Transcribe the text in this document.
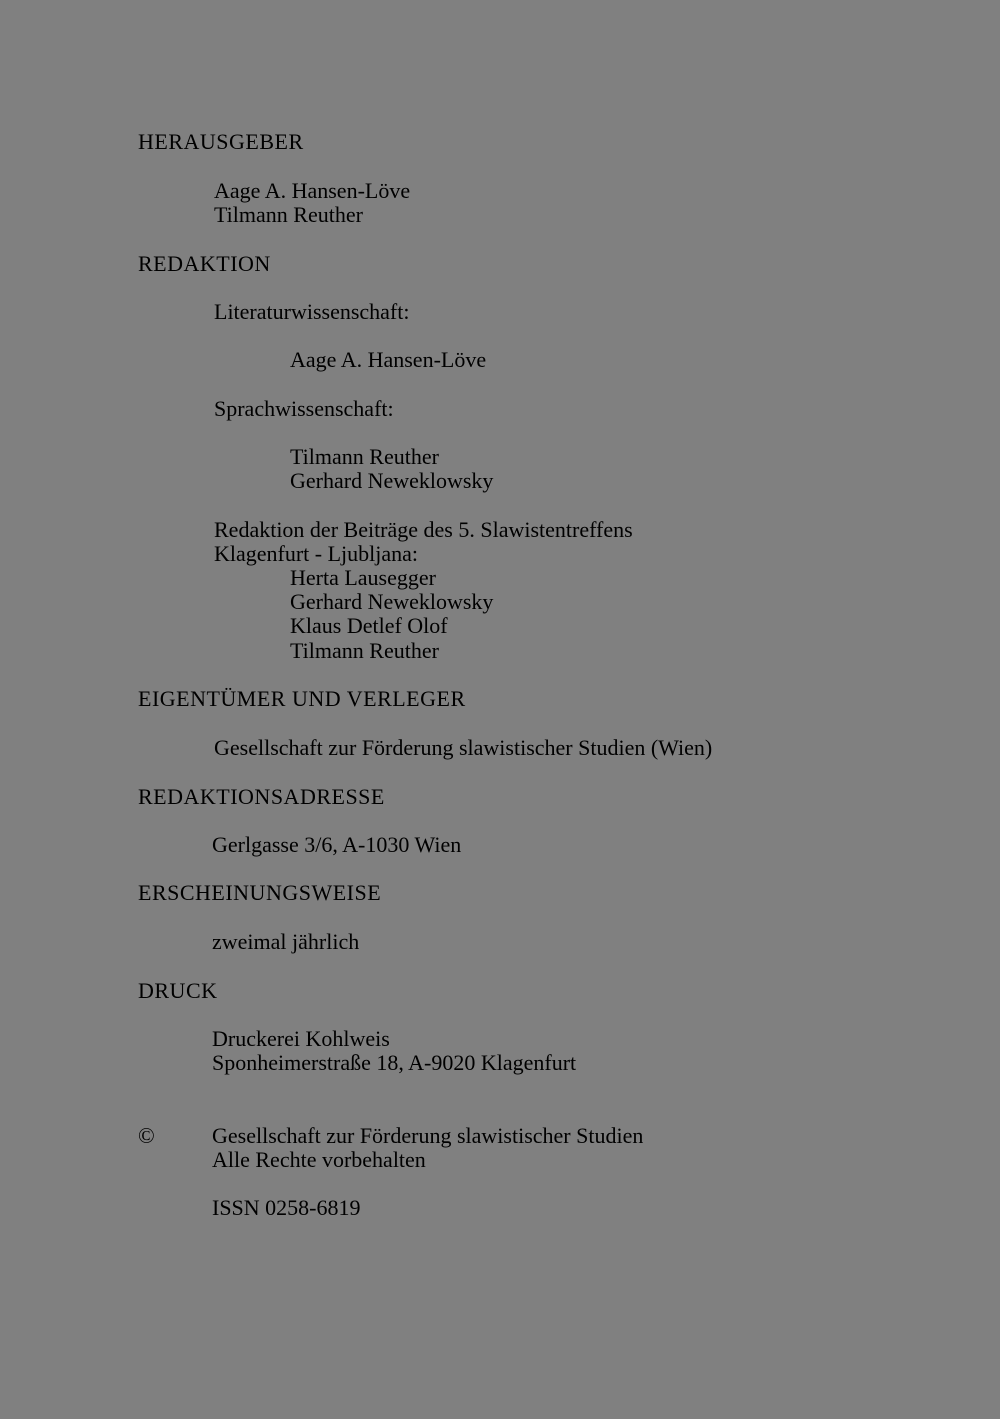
HERAUSGEBER
Aage A. Hansen-Löve
Tilmann Reuther
REDAKTION
Literaturwissenschaft:
Aage A. Hansen-Löve
Sprachwissenschaft:
Tilmann Reuther
Gerhard Neweklowsky
Redaktion der Beiträge des 5. Slawistentreffens
Klagenfurt - Ljubljana:
Herta Lausegger
Gerhard Neweklowsky
Klaus Detlef Olof
Tilmann Reuther
EIGENTÜMER UND VERLEGER
Gesellschaft zur Förderung slawistischer Studien (Wien)
REDAKTIONSADRESSE
Gerlgasse 3/6, A-1030 Wien
ERSCHEINUNGSWEISE
zweimal jährlich
DRUCK
Druckerei Kohlweis
Sponheimerstraße 18, A-9020 Klagenfurt
©	Gesellschaft zur Förderung slawistischer Studien
Alle Rechte vorbehalten
ISSN 0258-6819
